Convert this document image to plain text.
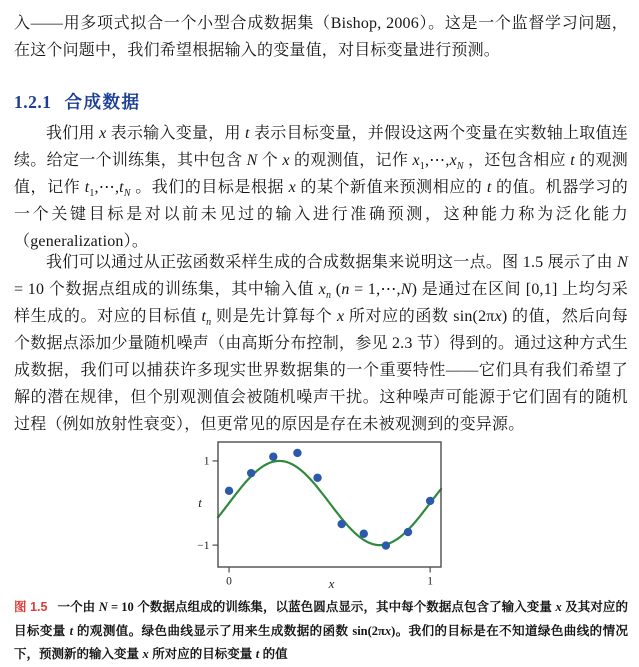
入——用多项式拟合一个小型合成数据集（Bishop, 2006）。这是一个监督学习问题，在这个问题中，我们希望根据输入的变量值，对目标变量进行预测。

1.2.1 合成数据

我们用 x 表示输入变量，用 t 表示目标变量，并假设这两个变量在实数轴上取值连续。给定一个训练集，其中包含 N 个 x 的观测值，记作 $x_1,\cdots,x_N$ ，还包含相应 t 的观测值，记作 $t_1,\cdots,t_N$ 。我们的目标是根据 x 的某个新值来预测相应的 t 的值。机器学习的一个关键目标是对以前未见过的输入进行准确预测，这种能力称为泛化能力（generalization）。

我们可以通过从正弦函数采样生成的合成数据集来说明这一点。图 1.5 展示了由 N = 10 个数据点组成的训练集，其中输入值 $x_n$ (n = 1,⋯,N) 是通过在区间 [0,1] 上均匀采样生成的。对应的目标值 $t_n$ 则是先计算每个 x 所对应的函数 sin(2πx) 的值，然后向每个数据点添加少量随机噪声（由高斯分布控制，参见 2.3 节）得到的。通过这种方式生成数据，我们可以捕获许多现实世界数据集的一个重要特性——它们具有我们希望了解的潜在规律，但个别观测值会被随机噪声干扰。这种噪声可能源于它们固有的随机过程（例如放射性衰变），但更常见的原因是存在未被观测到的变异源。

0	1
1
−1
t
x

图 1.5 一个由 N = 10 个数据点组成的训练集，以蓝色圆点显示，其中每个数据点包含了输入变量 x 及其对应的目标变量 t 的观测值。绿色曲线显示了用来生成数据的函数 sin(2πx)。我们的目标是在不知道绿色曲线的情况下，预测新的输入变量 x 所对应的目标变量 t 的值
